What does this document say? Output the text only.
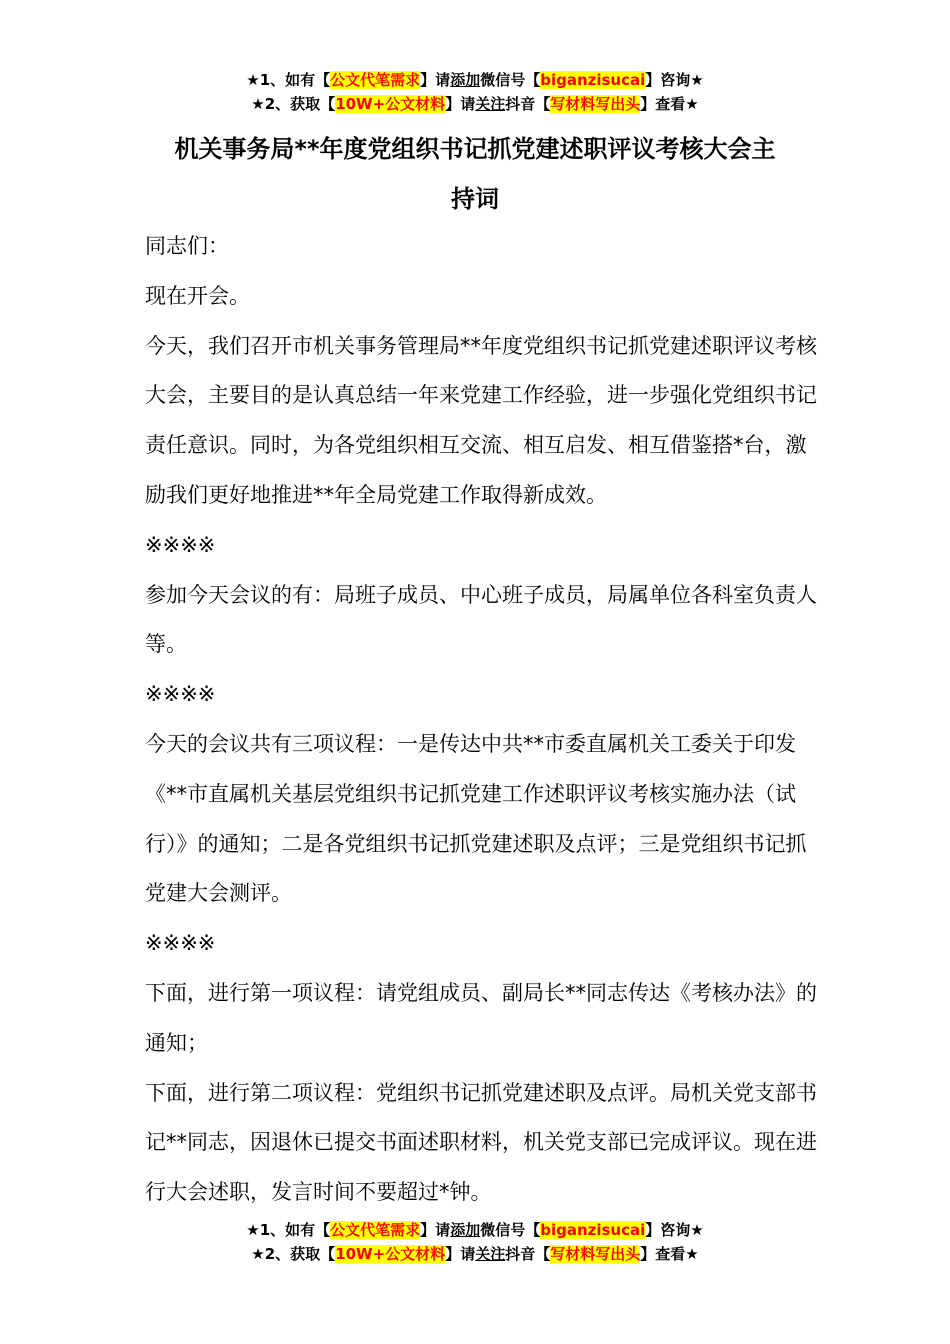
★1、如有【公文代笔需求】请添加微信号【biganzisucai】咨询★
★2、获取【10W+公文材料】请关注抖音【写材料写出头】查看★
机关事务局**年度党组织书记抓党建述职评议考核大会主
持词

同志们：

现在开会。

今天，我们召开市机关事务管理局**年度党组织书记抓党建述职评议考核大会，主要目的是认真总结一年来党建工作经验，进一步强化党组织书记责任意识。同时，为各党组织相互交流、相互启发、相互借鉴搭*台，激励我们更好地推进**年全局党建工作取得新成效。

※※※※

参加今天会议的有：局班子成员、中心班子成员，局属单位各科室负责人等。

※※※※

今天的会议共有三项议程：一是传达中共**市委直属机关工委关于印发《**市直属机关基层党组织书记抓党建工作述职评议考核实施办法（试行）》的通知；二是各党组织书记抓党建述职及点评；三是党组织书记抓党建大会测评。

※※※※

下面，进行第一项议程：请党组成员、副局长**同志传达《考核办法》的通知；

下面，进行第二项议程：党组织书记抓党建述职及点评。局机关党支部书记**同志，因退休已提交书面述职材料，机关党支部已完成评议。现在进行大会述职，发言时间不要超过*钟。

★1、如有【公文代笔需求】请添加微信号【biganzisucai】咨询★
★2、获取【10W+公文材料】请关注抖音【写材料写出头】查看★
